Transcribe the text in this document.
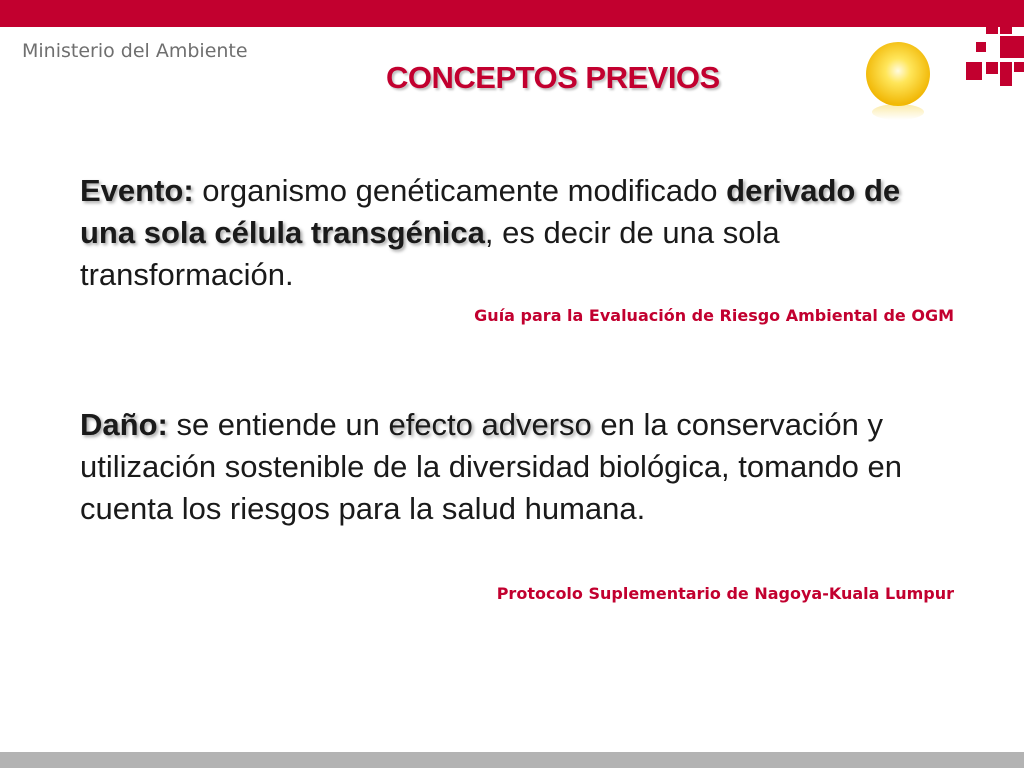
Ministerio del Ambiente
CONCEPTOS PREVIOS
Evento: organismo genéticamente modificado derivado de una sola célula transgénica, es decir de una sola transformación.
Guía para la Evaluación de Riesgo Ambiental de OGM
Daño: se entiende un efecto adverso en la conservación y utilización sostenible de la diversidad biológica, tomando en cuenta los riesgos para la salud humana.
Protocolo Suplementario de Nagoya-Kuala Lumpur
